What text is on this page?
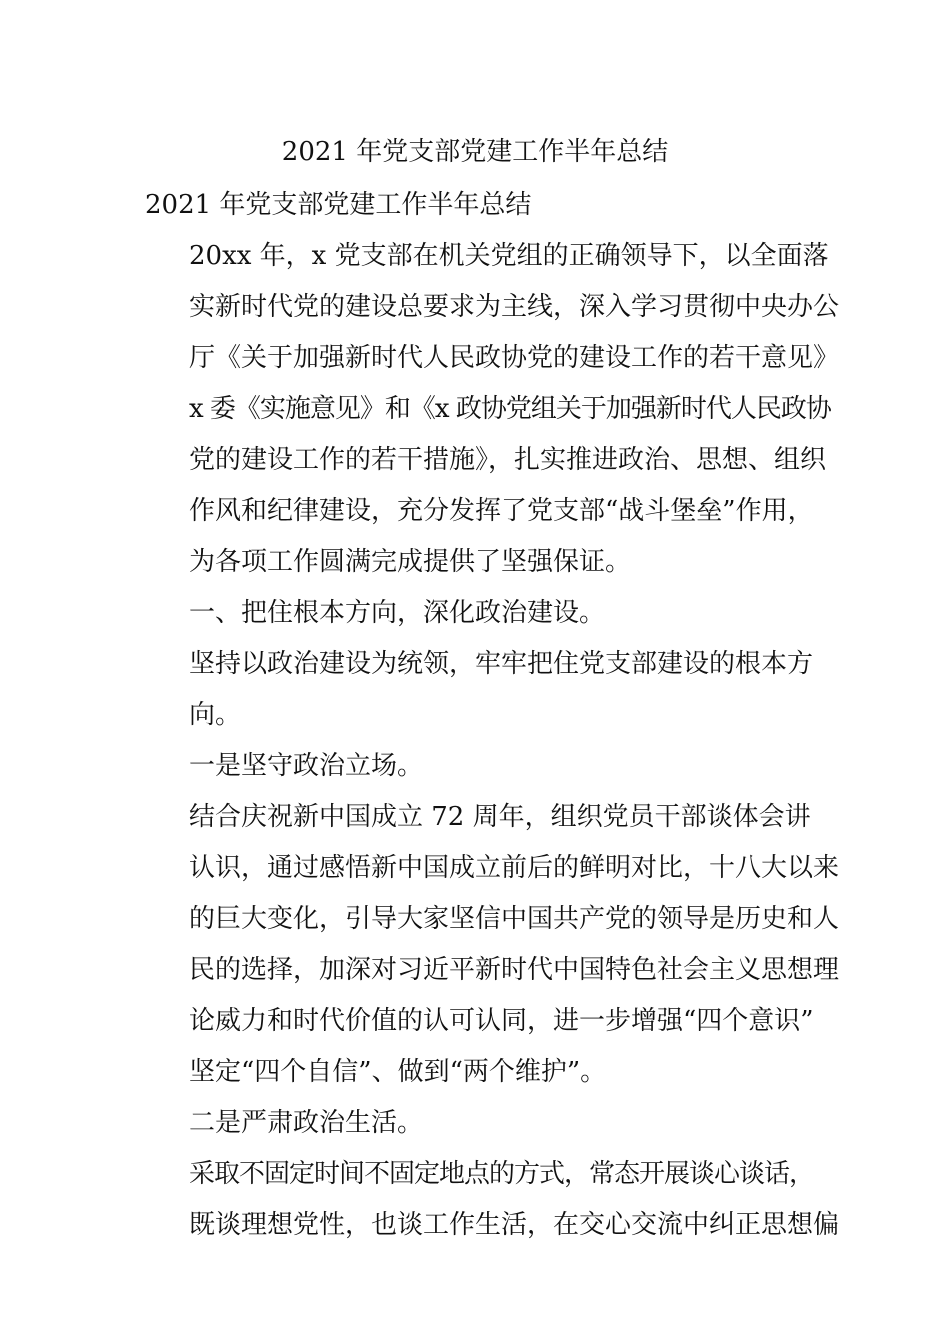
2021 年党支部党建工作半年总结

2021 年党支部党建工作半年总结

20xx 年，x 党支部在机关党组的正确领导下，以全面落
实新时代党的建设总要求为主线，深入学习贯彻中央办公
厅《关于加强新时代人民政协党的建设工作的若干意见》
x 委《实施意见》和《x 政协党组关于加强新时代人民政协
党的建设工作的若干措施》，扎实推进政治、思想、组织
作风和纪律建设，充分发挥了党支部“战斗堡垒”作用，
为各项工作圆满完成提供了坚强保证。

一、把住根本方向，深化政治建设。

坚持以政治建设为统领，牢牢把住党支部建设的根本方
向。

一是坚守政治立场。

结合庆祝新中国成立 72 周年，组织党员干部谈体会讲
认识，通过感悟新中国成立前后的鲜明对比，十八大以来
的巨大变化，引导大家坚信中国共产党的领导是历史和人
民的选择，加深对习近平新时代中国特色社会主义思想理
论威力和时代价值的认可认同，进一步增强“四个意识”
坚定“四个自信”、做到“两个维护”。

二是严肃政治生活。

采取不固定时间不固定地点的方式，常态开展谈心谈话，
既谈理想党性，也谈工作生活，在交心交流中纠正思想偏
